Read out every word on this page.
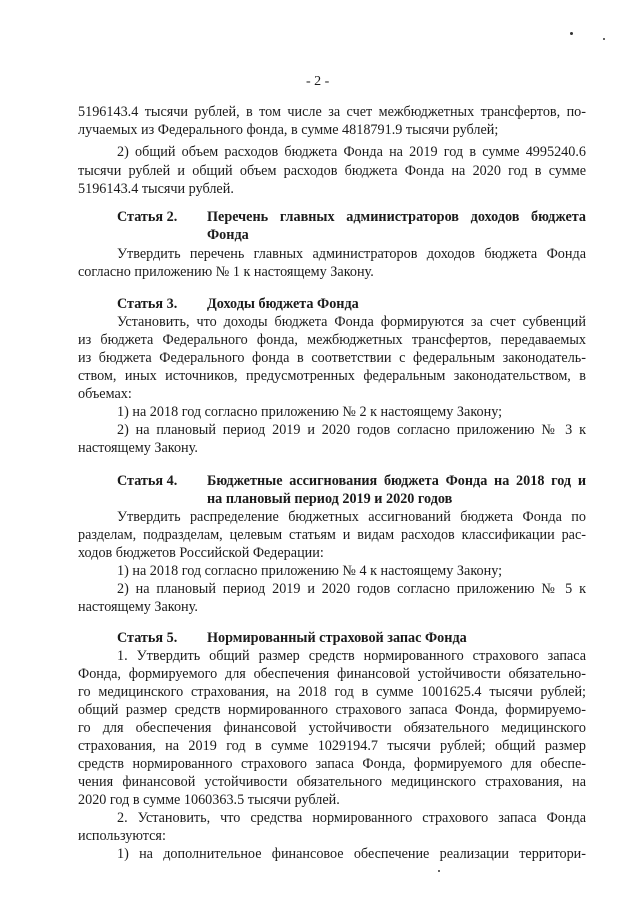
- 2 -
5196143.4 тысячи рублей, в том числе за счет межбюджетных трансфертов, по-
лучаемых из Федерального фонда, в сумме 4818791.9 тысячи рублей;
2) общий объем расходов бюджета Фонда на 2019 год в сумме 4995240.6
тысячи рублей и общий объем расходов бюджета Фонда на 2020 год в сумме
5196143.4 тысячи рублей.
Статья 2. Перечень главных администраторов доходов бюджета
Фонда
Утвердить перечень главных администраторов доходов бюджета Фонда
согласно приложению № 1 к настоящему Закону.
Статья 3. Доходы бюджета Фонда
Установить, что доходы бюджета Фонда формируются за счет субвенций
из бюджета Федерального фонда, межбюджетных трансфертов, передаваемых
из бюджета Федерального фонда в соответствии с федеральным законодатель-
ством, иных источников, предусмотренных федеральным законодательством, в
объемах:
1) на 2018 год согласно приложению № 2 к настоящему Закону;
2) на плановый период 2019 и 2020 годов согласно приложению № 3 к
настоящему Закону.
Статья 4. Бюджетные ассигнования бюджета Фонда на 2018 год и
на плановый период 2019 и 2020 годов
Утвердить распределение бюджетных ассигнований бюджета Фонда по
разделам, подразделам, целевым статьям и видам расходов классификации рас-
ходов бюджетов Российской Федерации:
1) на 2018 год согласно приложению № 4 к настоящему Закону;
2) на плановый период 2019 и 2020 годов согласно приложению № 5 к
настоящему Закону.
Статья 5. Нормированный страховой запас Фонда
1. Утвердить общий размер средств нормированного страхового запаса
Фонда, формируемого для обеспечения финансовой устойчивости обязательно-
го медицинского страхования, на 2018 год в сумме 1001625.4 тысячи рублей;
общий размер средств нормированного страхового запаса Фонда, формируемо-
го для обеспечения финансовой устойчивости обязательного медицинского
страхования, на 2019 год в сумме 1029194.7 тысячи рублей; общий размер
средств нормированного страхового запаса Фонда, формируемого для обеспе-
чения финансовой устойчивости обязательного медицинского страхования, на
2020 год в сумме 1060363.5 тысячи рублей.
2. Установить, что средства нормированного страхового запаса Фонда
используются:
1) на дополнительное финансовое обеспечение реализации территори-
